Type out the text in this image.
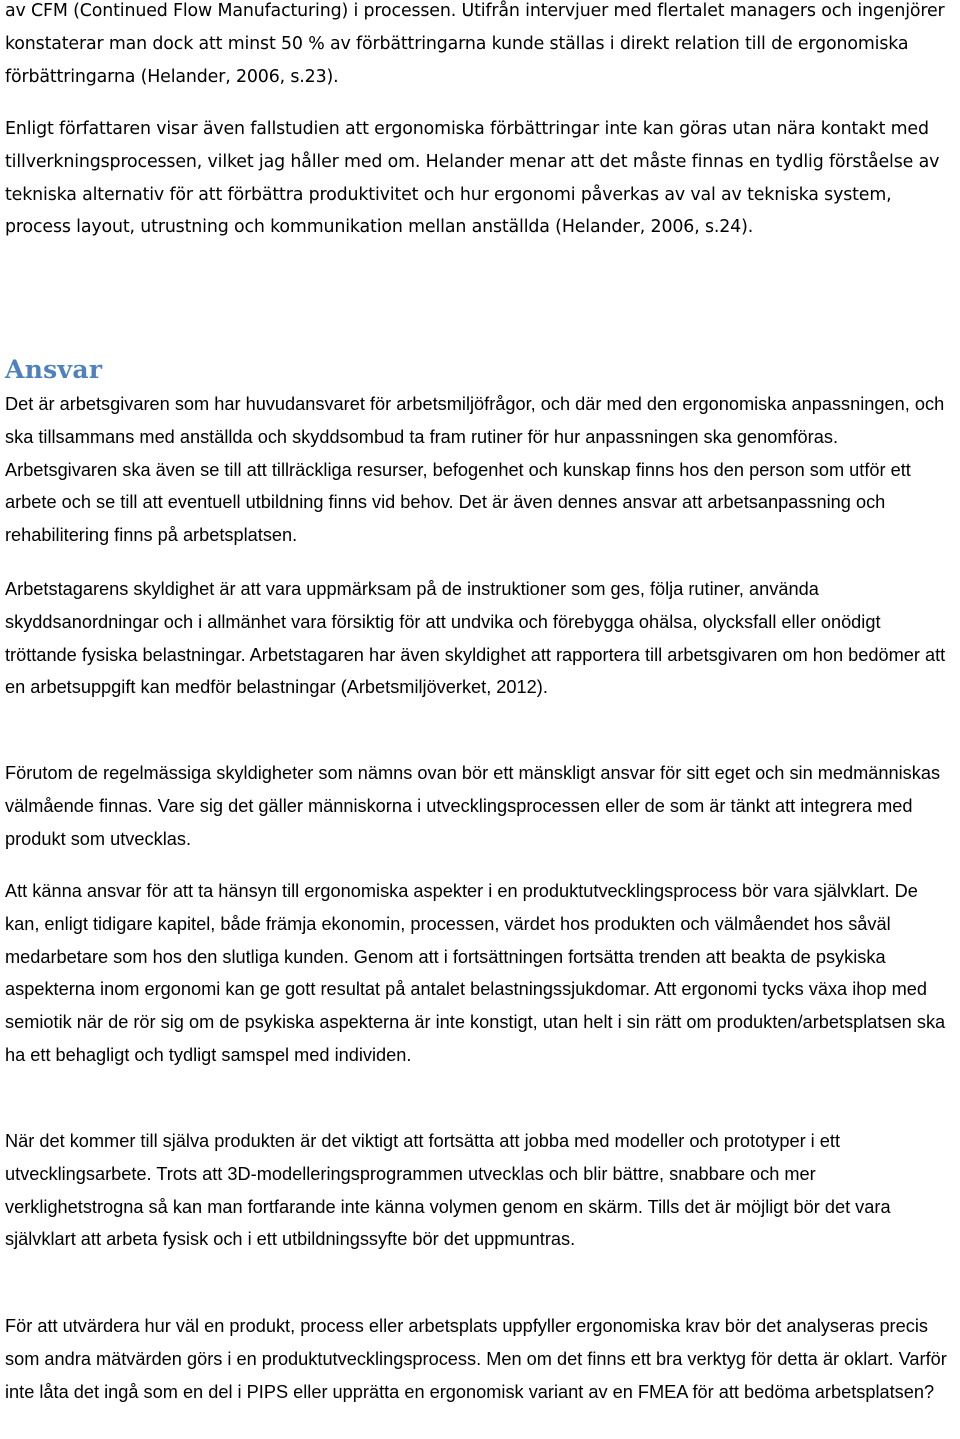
av CFM (Continued Flow Manufacturing) i processen. Utifrån intervjuer med flertalet managers och ingenjörer konstaterar man dock att minst 50 % av förbättringarna kunde ställas i direkt relation till de ergonomiska förbättringarna (Helander, 2006, s.23).

Enligt författaren visar även fallstudien att ergonomiska förbättringar inte kan göras utan nära kontakt med tillverkningsprocessen, vilket jag håller med om. Helander menar att det måste finnas en tydlig förståelse av tekniska alternativ för att förbättra produktivitet och hur ergonomi påverkas av val av tekniska system, process layout, utrustning och kommunikation mellan anställda (Helander, 2006, s.24).

Ansvar

Det är arbetsgivaren som har huvudansvaret för arbetsmiljöfrågor, och där med den ergonomiska anpassningen, och ska tillsammans med anställda och skyddsombud ta fram rutiner för hur anpassningen ska genomföras. Arbetsgivaren ska även se till att tillräckliga resurser, befogenhet och kunskap finns hos den person som utför ett arbete och se till att eventuell utbildning finns vid behov. Det är även dennes ansvar att arbetsanpassning och rehabilitering finns på arbetsplatsen.

Arbetstagarens skyldighet är att vara uppmärksam på de instruktioner som ges, följa rutiner, använda skyddsanordningar och i allmänhet vara försiktig för att undvika och förebygga ohälsa, olycksfall eller onödigt tröttande fysiska belastningar. Arbetstagaren har även skyldighet att rapportera till arbetsgivaren om hon bedömer att en arbetsuppgift kan medför belastningar (Arbetsmiljöverket, 2012).

Förutom de regelmässiga skyldigheter som nämns ovan bör ett mänskligt ansvar för sitt eget och sin medmänniskas välmående finnas. Vare sig det gäller människorna i utvecklingsprocessen eller de som är tänkt att integrera med produkt som utvecklas.

Att känna ansvar för att ta hänsyn till ergonomiska aspekter i en produktutvecklingsprocess bör vara självklart. De kan, enligt tidigare kapitel, både främja ekonomin, processen, värdet hos produkten och välmåendet hos såväl medarbetare som hos den slutliga kunden. Genom att i fortsättningen fortsätta trenden att beakta de psykiska aspekterna inom ergonomi kan ge gott resultat på antalet belastningssjukdomar. Att ergonomi tycks växa ihop med semiotik när de rör sig om de psykiska aspekterna är inte konstigt, utan helt i sin rätt om produkten/arbetsplatsen ska ha ett behagligt och tydligt samspel med individen.

När det kommer till själva produkten är det viktigt att fortsätta att jobba med modeller och prototyper i ett utvecklingsarbete. Trots att 3D-modelleringsprogrammen utvecklas och blir bättre, snabbare och mer verklighetstrogna så kan man fortfarande inte känna volymen genom en skärm. Tills det är möjligt bör det vara självklart att arbeta fysisk och i ett utbildningssyfte bör det uppmuntras.

För att utvärdera hur väl en produkt, process eller arbetsplats uppfyller ergonomiska krav bör det analyseras precis som andra mätvärden görs i en produktutvecklingsprocess. Men om det finns ett bra verktyg för detta är oklart. Varför inte låta det ingå som en del i PIPS eller upprätta en ergonomisk variant av en FMEA för att bedöma arbetsplatsen?
